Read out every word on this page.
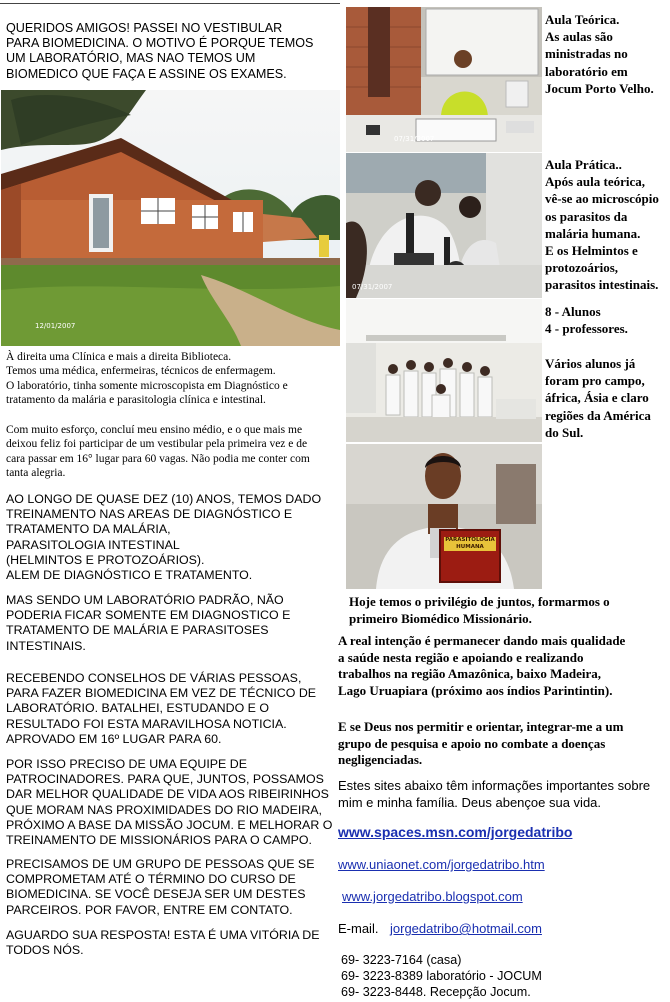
QUERIDOS AMIGOS! PASSEI NO VESTIBULAR
PARA BIOMEDICINA. O MOTIVO É PORQUE TEMOS
UM LABORATÓRIO, MAS NAO TEMOS UM
BIOMEDICO QUE FAÇA E ASSINE OS EXAMES.

12/01/2007

À direita uma Clínica e mais a direita Biblioteca.
Temos uma médica, enfermeiras, técnicos de enfermagem.
O laboratório, tinha somente microscopista em Diagnóstico e
tratamento da malária e parasitologia clínica e intestinal.

Com muito esforço, concluí meu ensino médio, e o que mais me
deixou feliz foi participar de um vestibular pela primeira vez e de
cara passar em 16° lugar para 60 vagas. Não podia me conter com
tanta alegria.

AO LONGO DE QUASE DEZ (10) ANOS, TEMOS DADO
TREINAMENTO NAS AREAS DE DIAGNÓSTICO E
TRATAMENTO DA MALÁRIA,
PARASITOLOGIA INTESTINAL
(HELMINTOS E PROTOZOÁRIOS).
ALEM DE DIAGNÓSTICO E TRATAMENTO.

MAS SENDO UM LABORATÓRIO PADRÃO, NÃO
PODERIA FICAR SOMENTE EM DIAGNOSTICO E
TRATAMENTO DE MALÁRIA E PARASITOSES
INTESTINAIS.

RECEBENDO CONSELHOS DE VÁRIAS PESSOAS,
PARA FAZER BIOMEDICINA EM VEZ DE TÉCNICO DE
LABORATÓRIO. BATALHEI, ESTUDANDO E O
RESULTADO FOI ESTA MARAVILHOSA NOTICIA.
APROVADO EM 16º LUGAR PARA 60.

POR ISSO PRECISO DE UMA EQUIPE DE
PATROCINADORES. PARA QUE, JUNTOS, POSSAMOS
DAR MELHOR QUALIDADE DE VIDA AOS RIBEIRINHOS
QUE MORAM NAS PROXIMIDADES DO RIO MADEIRA,
PRÓXIMO A BASE DA MISSÃO JOCUM. E MELHORAR O
TREINAMENTO DE MISSIONÁRIOS PARA O CAMPO.

PRECISAMOS DE UM GRUPO DE PESSOAS QUE SE
COMPROMETAM ATÉ O TÉRMINO DO CURSO DE
BIOMEDICINA. SE VOCÊ DESEJA SER UM DESTES
PARCEIROS. POR FAVOR, ENTRE EM CONTATO.

AGUARDO SUA RESPOSTA! ESTA É UMA VITÓRIA DE
TODOS NÓS.

07/31/2007
07/31/2007
PARASITOLOGIA
HUMANA

Aula Teórica.
As aulas são
ministradas no
laboratório em
Jocum Porto Velho.

Aula Prática..
Após aula teórica,
vê-se ao microscópio
os parasitos da
malária humana.
E os Helmintos e
protozoários,
parasitos intestinais.

8 - Alunos
4 - professores.

Vários alunos já
foram pro campo,
áfrica, Ásia e claro
regiões da América
do Sul.

Hoje temos o privilégio de juntos, formarmos o
primeiro Biomédico Missionário.

A real intenção é permanecer dando mais qualidade
a saúde nesta região e apoiando e realizando
trabalhos na região Amazônica, baixo Madeira,
Lago Uruapiara (próximo aos índios Parintintin).

E se Deus nos permitir e orientar, integrar-me a um
grupo de pesquisa e apoio no combate a doenças
negligenciadas.

Estes sites abaixo têm informações importantes sobre
mim e minha família. Deus abençoe sua vida.

www.spaces.msn.com/jorgedatribo
www.uniaonet.com/jorgedatribo.htm
www.jorgedatribo.blogspot.com
E-mail. jorgedatribo@hotmail.com
69- 3223-7164 (casa)
69- 3223-8389 laboratório - JOCUM
69- 3223-8448. Recepção Jocum.
